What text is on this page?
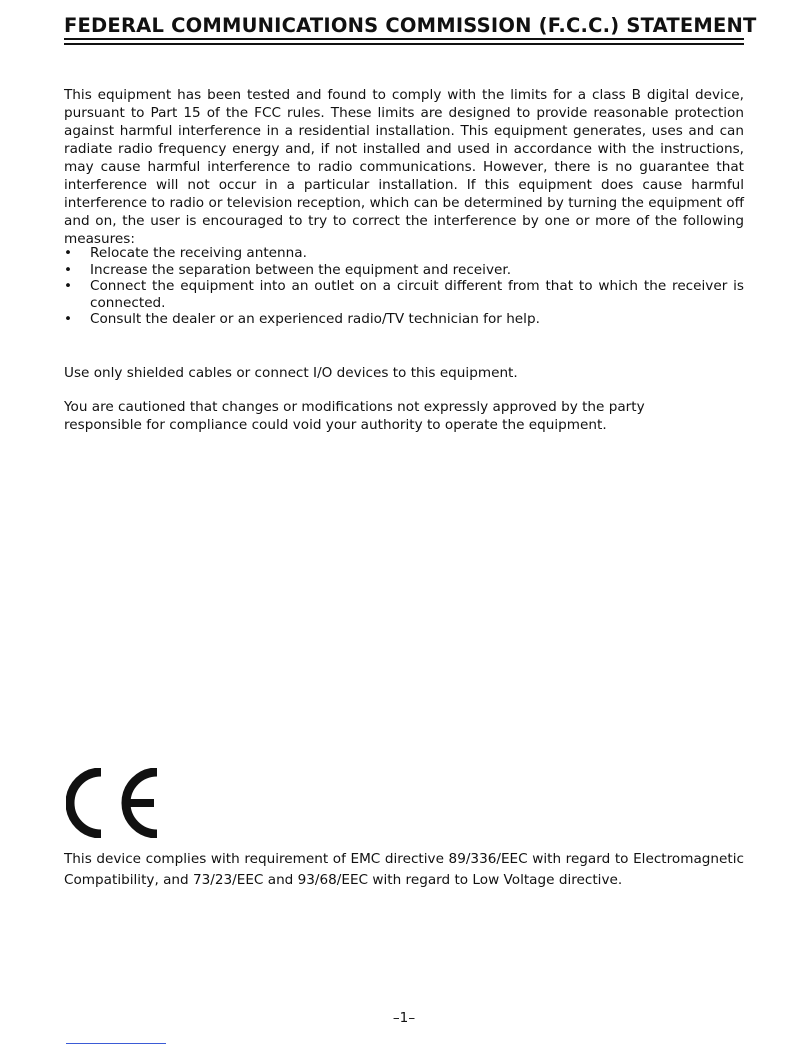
FEDERAL COMMUNICATIONS COMMISSION (F.C.C.) STATEMENT

This equipment has been tested and found to comply with the limits for a class B digital device, pursuant to Part 15 of the FCC rules. These limits are designed to provide reasonable protection against harmful interference in a residential installation. This equipment generates, uses and can radiate radio frequency energy and, if not installed and used in accordance with the instructions, may cause harmful interference to radio communications. However, there is no guarantee that interference will not occur in a particular installation. If this equipment does cause harmful interference to radio or television reception, which can be determined by turning the equipment off and on, the user is encouraged to try to correct the interference by one or more of the following measures:

• Relocate the receiving antenna.
• Increase the separation between the equipment and receiver.
• Connect the equipment into an outlet on a circuit different from that to which the receiver is connected.
• Consult the dealer or an experienced radio/TV technician for help.

Use only shielded cables or connect I/O devices to this equipment.

You are cautioned that changes or modifications not expressly approved by the party
responsible for compliance could void your authority to operate the equipment.

This device complies with requirement of EMC directive 89/336/EEC with regard to Electromagnetic Compatibility, and 73/23/EEC and 93/68/EEC with regard to Low Voltage directive.

–1–
